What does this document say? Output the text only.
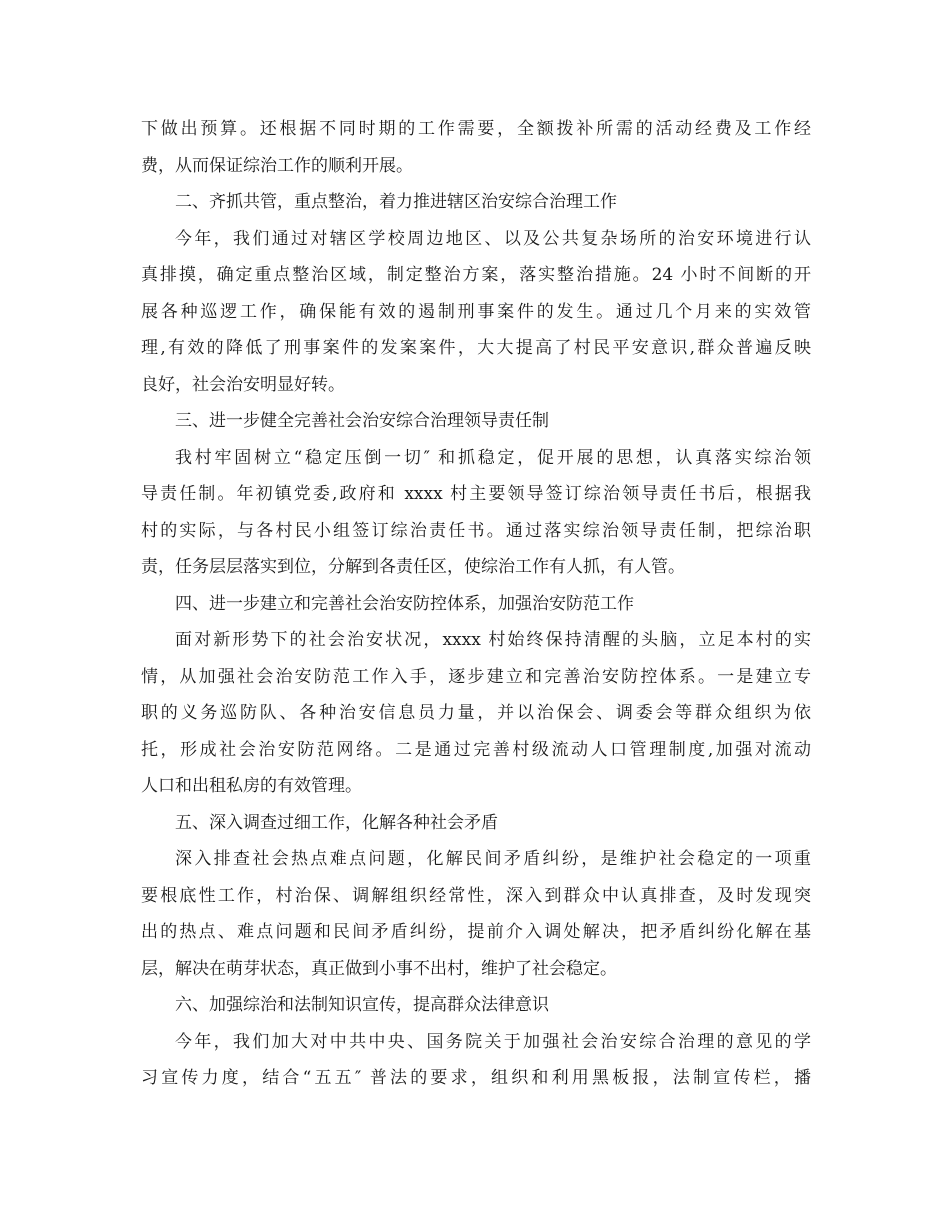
下做出预算。还根据不同时期的工作需要，全额拨补所需的活动经费及工作经
费，从而保证综治工作的顺利开展。
二、齐抓共管，重点整治，着力推进辖区治安综合治理工作
今年，我们通过对辖区学校周边地区、以及公共复杂场所的治安环境进行认
真排摸，确定重点整治区域，制定整治方案，落实整治措施。24 小时不间断的开
展各种巡逻工作，确保能有效的遏制刑事案件的发生。通过几个月来的实效管
理,有效的降低了刑事案件的发案案件，大大提高了村民平安意识,群众普遍反映
良好，社会治安明显好转。
三、进一步健全完善社会治安综合治理领导责任制
我村牢固树立“稳定压倒一切″ 和抓稳定，促开展的思想，认真落实综治领
导责任制。年初镇党委,政府和 xxxx 村主要领导签订综治领导责任书后，根据我
村的实际，与各村民小组签订综治责任书。通过落实综治领导责任制，把综治职
责，任务层层落实到位，分解到各责任区，使综治工作有人抓，有人管。
四、进一步建立和完善社会治安防控体系，加强治安防范工作
面对新形势下的社会治安状况，xxxx 村始终保持清醒的头脑，立足本村的实
情，从加强社会治安防范工作入手，逐步建立和完善治安防控体系。一是建立专
职的义务巡防队、各种治安信息员力量，并以治保会、调委会等群众组织为依
托，形成社会治安防范网络。二是通过完善村级流动人口管理制度,加强对流动
人口和出租私房的有效管理。
五、深入调查过细工作，化解各种社会矛盾
深入排查社会热点难点问题，化解民间矛盾纠纷，是维护社会稳定的一项重
要根底性工作，村治保、调解组织经常性，深入到群众中认真排查，及时发现突
出的热点、难点问题和民间矛盾纠纷，提前介入调处解决，把矛盾纠纷化解在基
层，解决在萌芽状态，真正做到小事不出村，维护了社会稳定。
六、加强综治和法制知识宣传，提高群众法律意识
今年，我们加大对中共中央、国务院关于加强社会治安综合治理的意见的学
习宣传力度，结合“五五″ 普法的要求，组织和利用黑板报，法制宣传栏，播
